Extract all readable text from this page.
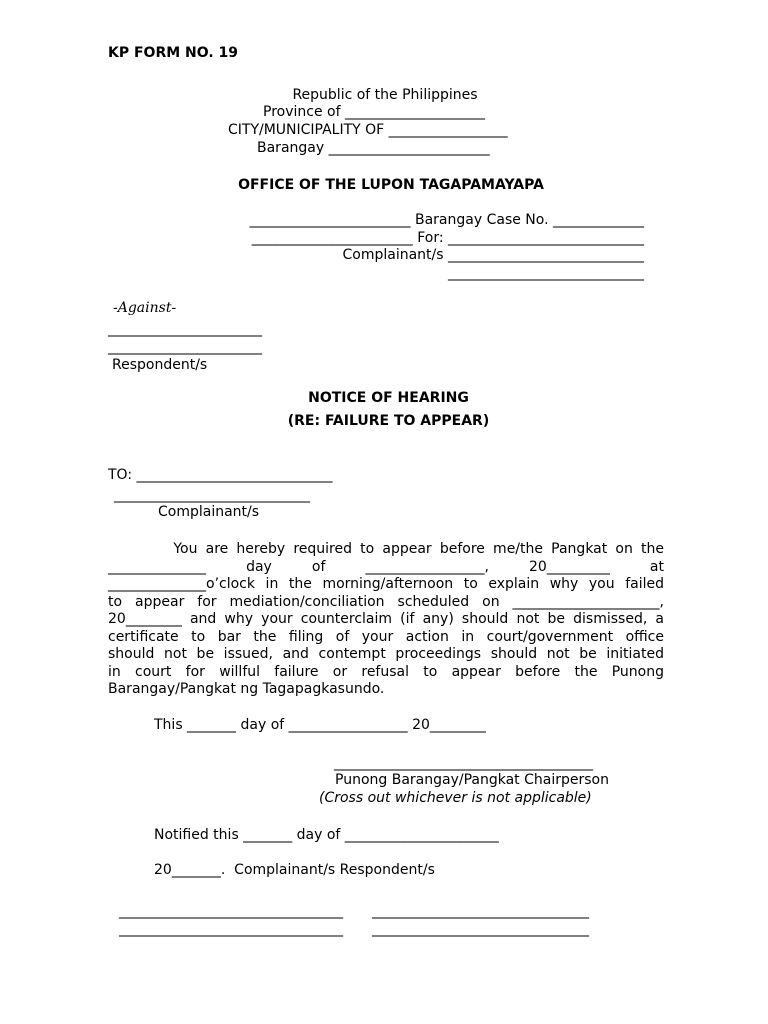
KP FORM NO. 19
Republic of the Philippines
Province of ____________________
CITY/MUNICIPALITY OF _________________
Barangay _______________________
OFFICE OF THE LUPON TAGAPAMAYAPA
_______________________ Barangay Case No. _____________
_______________________ For: ____________________________
Complainant/s ____________________________
____________________________
-Against-
______________________
______________________
Respondent/s
NOTICE OF HEARING
(RE: FAILURE TO APPEAR)
TO: ____________________________
____________________________
Complainant/s
You are hereby required to appear before me/the Pangkat on the
______________ day of _________________, 20_________ at
______________o’clock in the morning/afternoon to explain why you failed
to appear for mediation/conciliation scheduled on _____________________,
20________ and why your counterclaim (if any) should not be dismissed, a
certificate to bar the filing of your action in court/government office
should not be issued, and contempt proceedings should not be initiated
in court for willful failure or refusal to appear before the Punong
Barangay/Pangkat ng Tagapagkasundo.
This _______ day of _________________ 20________
_____________________________________
Punong Barangay/Pangkat Chairperson
(Cross out whichever is not applicable)
Notified this _______ day of ______________________
20_______.  Complainant/s Respondent/s
________________________________ _______________________________
________________________________ _______________________________
